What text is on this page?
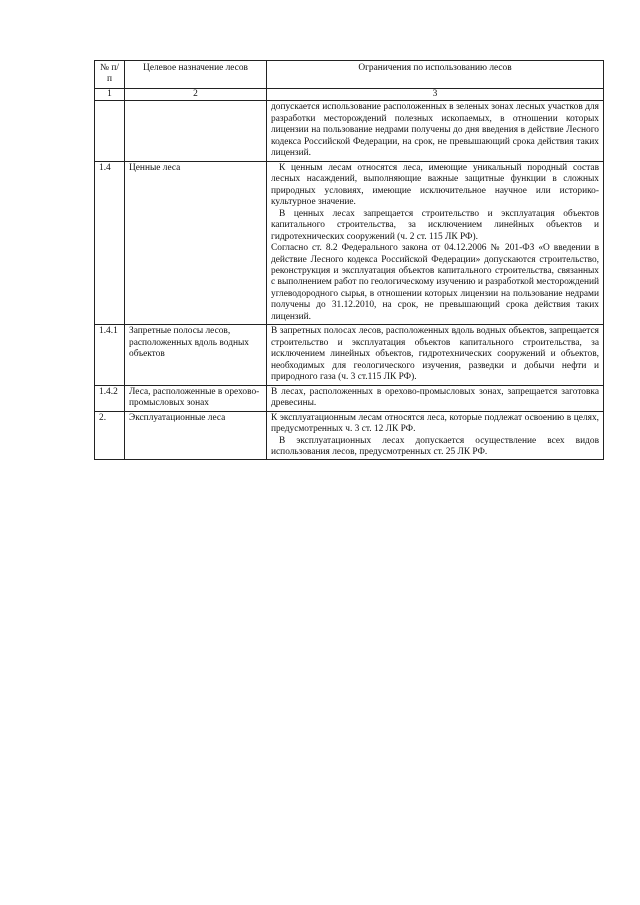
№ п/п	Целевое назначение лесов	Ограничения по использованию лесов
1	2	3

		допускается использование расположенных в зеленых зонах лесных участков для разработки месторождений полезных ископаемых, в отношении которых лицензии на пользование недрами получены до дня введения в действие Лесного кодекса Российской Федерации, на срок, не превышающий срока действия таких лицензий.

1.4	Ценные леса	К ценным лесам относятся леса, имеющие уникальный породный состав лесных насаждений, выполняющие важные защитные функции в сложных природных условиях, имеющие исключительное научное или историко-культурное значение.

В ценных лесах запрещается строительство и эксплуатация объектов капитального строительства, за исключением линейных объектов и гидротехнических сооружений (ч. 2 ст. 115 ЛК РФ).

Согласно ст. 8.2 Федерального закона от 04.12.2006 № 201-ФЗ «О введении в действие Лесного кодекса Российской Федерации» допускаются строительство, реконструкция и эксплуатация объектов капитального строительства, связанных с выполнением работ по геологическому изучению и разработкой месторождений углеводородного сырья, в отношении которых лицензии на пользование недрами получены до 31.12.2010, на срок, не превышающий срока действия таких лицензий.

1.4.1	Запретные полосы лесов, расположенных вдоль водных объектов	В запретных полосах лесов, расположенных вдоль водных объектов, запрещается строительство и эксплуатация объектов капитального строительства, за исключением линейных объектов, гидротехнических сооружений и объектов, необходимых для геологического изучения, разведки и добычи нефти и природного газа (ч. 3 ст.115 ЛК РФ).

1.4.2	Леса, расположенные в орехово-промысловых зонах	В лесах, расположенных в орехово-промысловых зонах, запрещается заготовка древесины.

2.	Эксплуатационные леса	К эксплуатационным лесам относятся леса, которые подлежат освоению в целях, предусмотренных ч. 3 ст. 12 ЛК РФ.

В эксплуатационных лесах допускается осуществление всех видов использования лесов, предусмотренных ст. 25 ЛК РФ.
